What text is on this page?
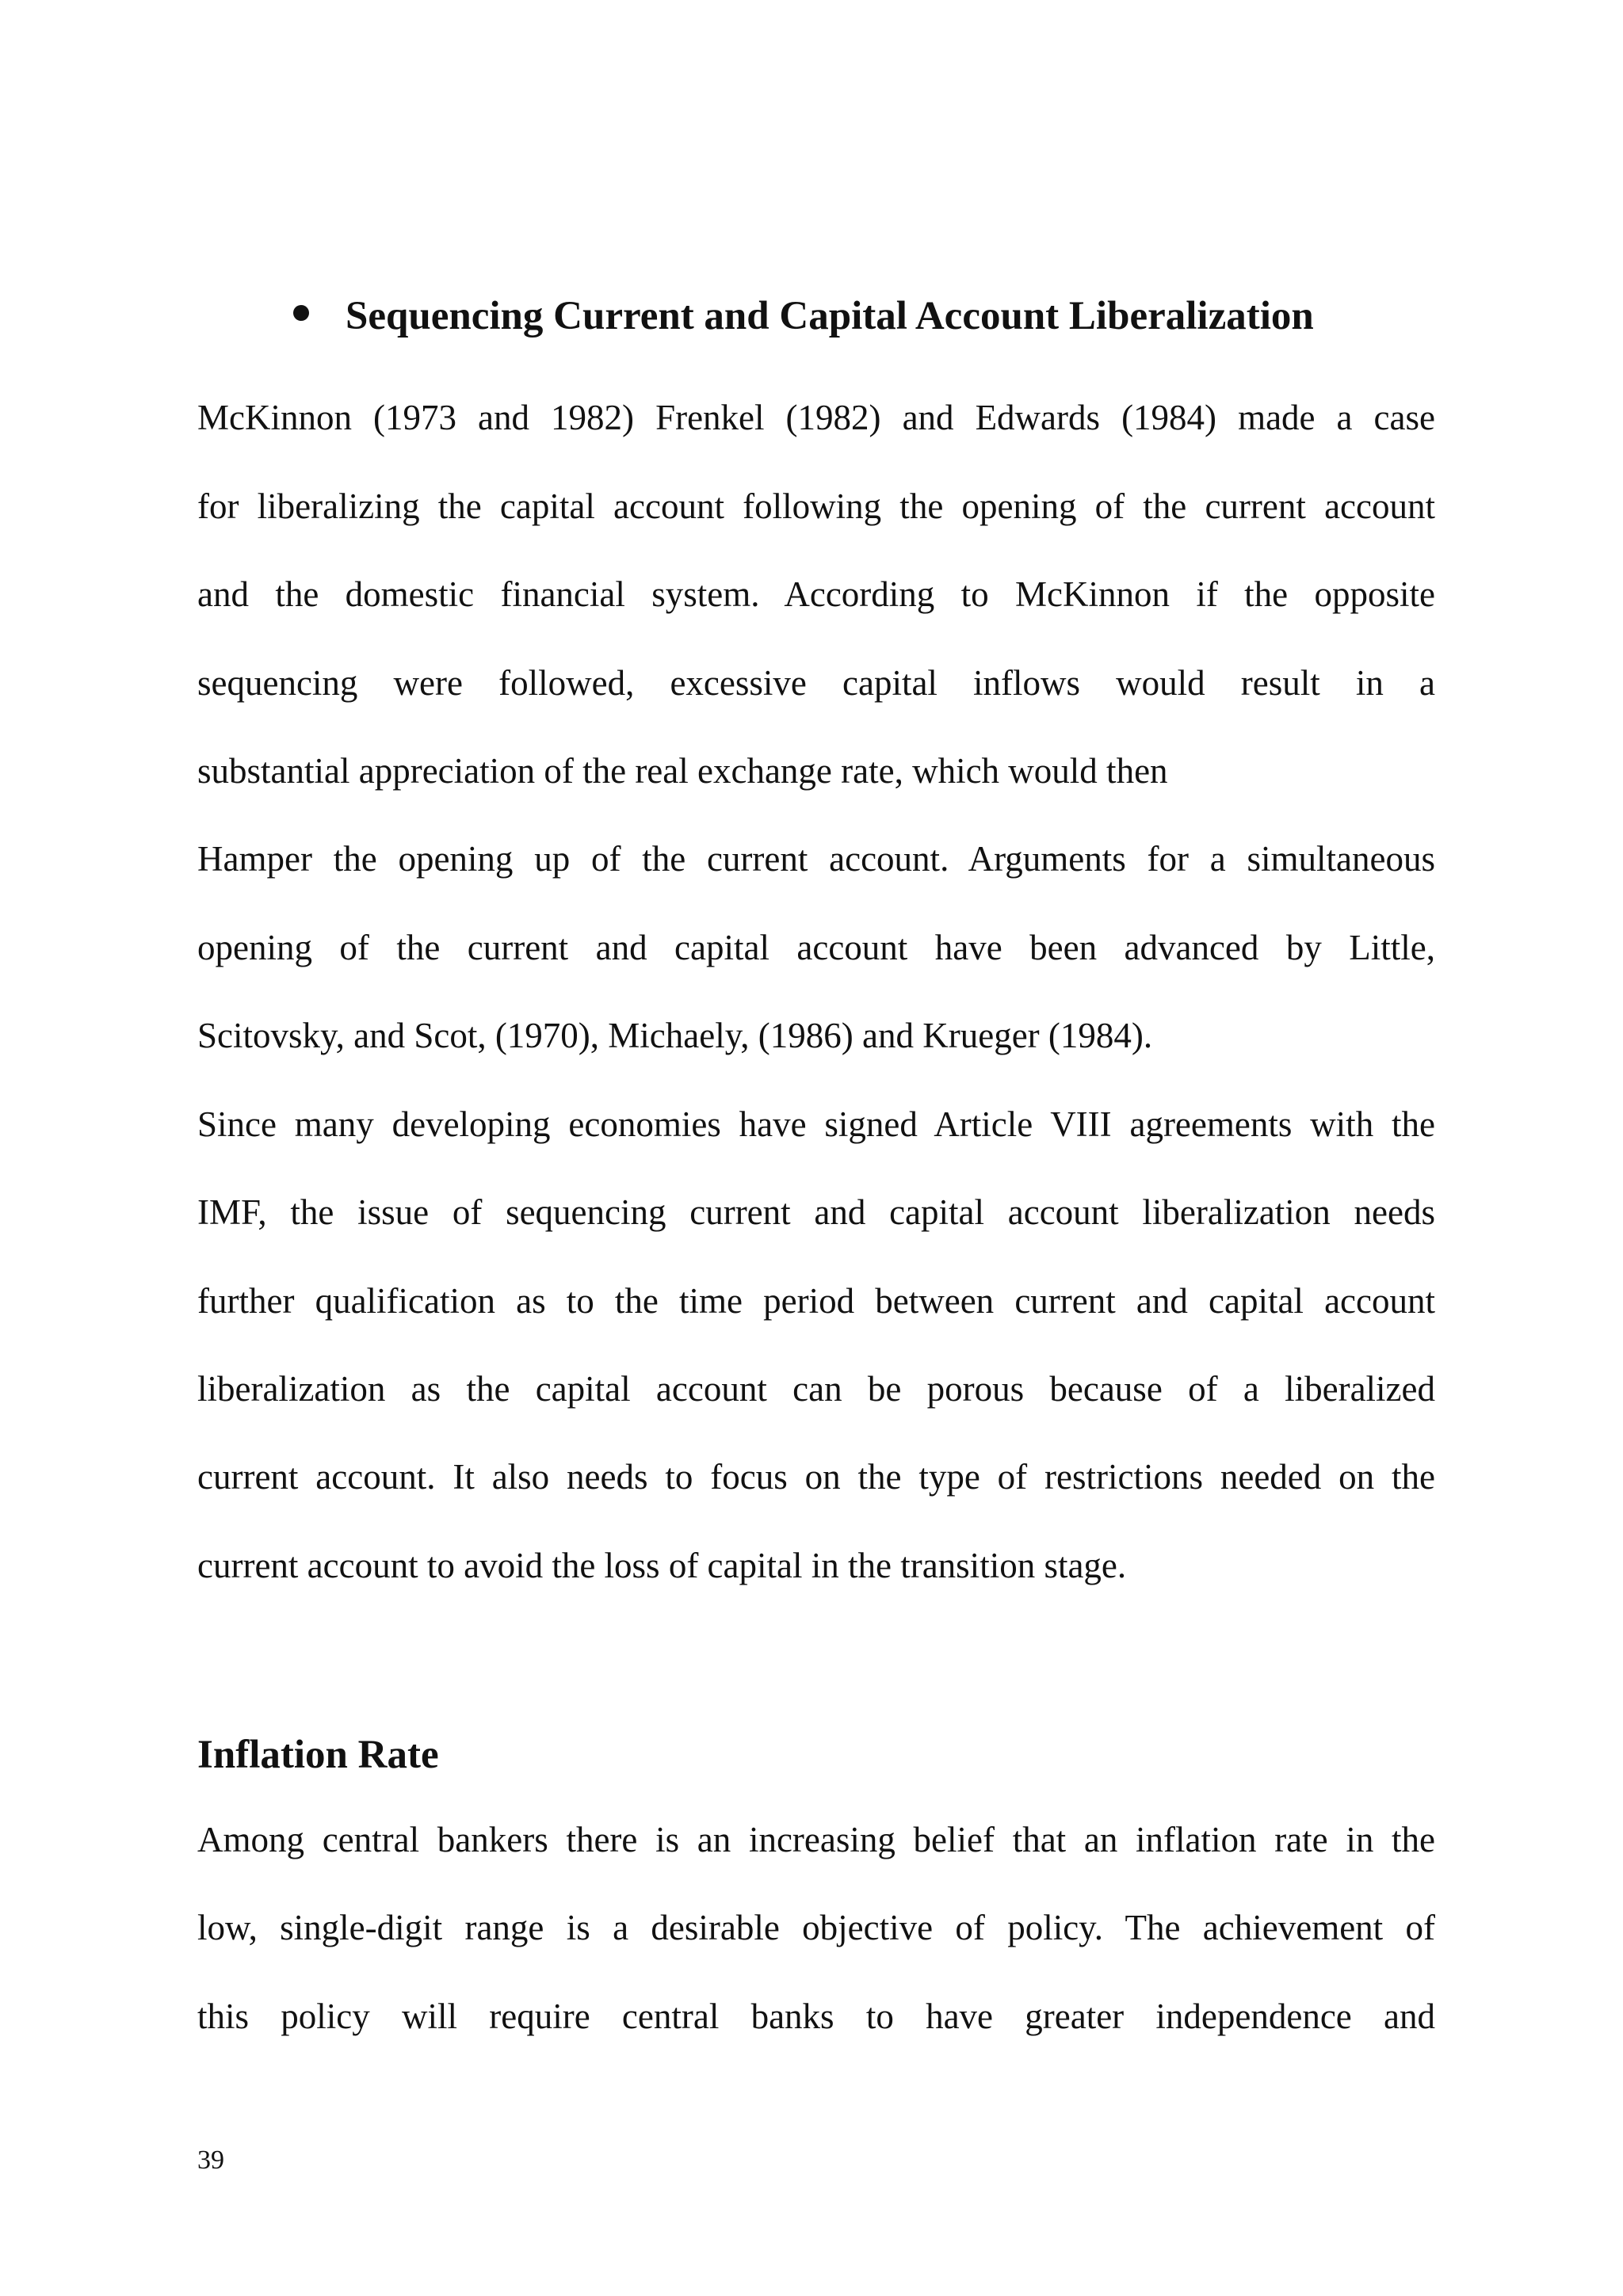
Sequencing Current and Capital Account Liberalization
McKinnon (1973 and 1982) Frenkel (1982) and Edwards (1984) made a case
for liberalizing the capital account following the opening of the current account
and the domestic financial system. According to McKinnon if the opposite
sequencing were followed, excessive capital inflows would result in a
substantial appreciation of the real exchange rate, which would then
Hamper the opening up of the current account. Arguments for a simultaneous
opening of the current and capital account have been advanced by Little,
Scitovsky, and Scot, (1970), Michaely, (1986) and Krueger (1984).
Since many developing economies have signed Article VIII agreements with the
IMF, the issue of sequencing current and capital account liberalization needs
further qualification as to the time period between current and capital account
liberalization as the capital account can be porous because of a liberalized
current account. It also needs to focus on the type of restrictions needed on the
current account to avoid the loss of capital in the transition stage.
Inflation Rate
Among central bankers there is an increasing belief that an inflation rate in the
low, single-digit range is a desirable objective of policy. The achievement of
this policy will require central banks to have greater independence and
39
